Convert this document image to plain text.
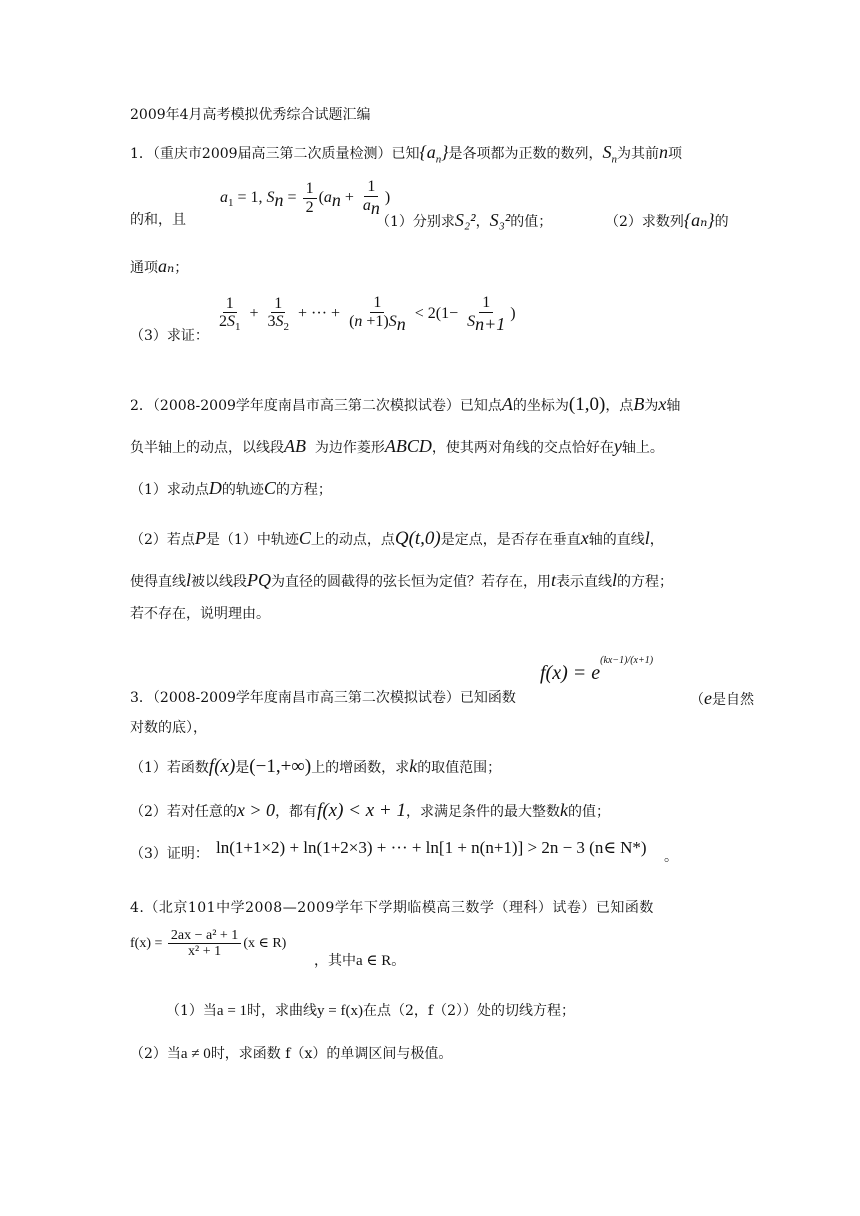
2009年4月高考模拟优秀综合试题汇编
1．（重庆市2009届高三第二次质量检测）已知$\{a_n\}$是各项都为正数的数列，$S_n$为其前n项
$a_1 = 1$, $S_n = \frac{1}{2} (a_n + \frac{1}{a_n}$ )
的和，且	（1）分别求S₂²，S₃²的值；	（2）求数列{aₙ}的
通项aₙ；
（3）求证：
$\frac{1}{2S_1} + \frac{1}{3S_2}$ + ··· + $\frac{1}{(n +1)S_n} < 2(1- \frac{1}{S_{n+1}}$ )
2．（2008-2009学年度南昌市高三第二次模拟试卷）已知点A的坐标为(1,0)，点B为x轴
负半轴上的动点，以线段AB 为边作菱形ABCD，使其两对角线的交点恰好在y轴上。
（1）求动点D的轨迹C的方程；
（2）若点P是（1）中轨迹C上的动点，点Q(t,0)是定点，是否存在垂直x轴的直线l，
使得直线l被以线段PQ为直径的圆截得的弦长恒为定值？若存在，用t表示直线l的方程；
若不存在，说明理由。
3．（2008-2009学年度南昌市高三第二次模拟试卷）已知函数
$f(x) = e^{(kx-1)/(x+1)}$
（e是自然
对数的底），
（1）若函数f(x)是(−1,+∞)上的增函数，求k的取值范围；
（2）若对任意的x > 0，都有f(x) < x + 1，求满足条件的最大整数k的值；
（3）证明： ln(1+1×2) + ln(1+2×3) + ··· + ln[1 + n(n+1)] > 2n − 3 (n∈ N*) 。
4.（北京101中学2008—2009学年下学期临模高三数学（理科）试卷）已知函数
$f(x) = \frac{\text{2ax − a² + 1}}{\text{x² + 1}} (x$ ∈ R)
，其中a ∈ R。
（1）当a = 1时，求曲线y = f(x)在点（2，f（2））处的切线方程；
（2）当a ≠ 0时，求函数 f（x）的单调区间与极值。
